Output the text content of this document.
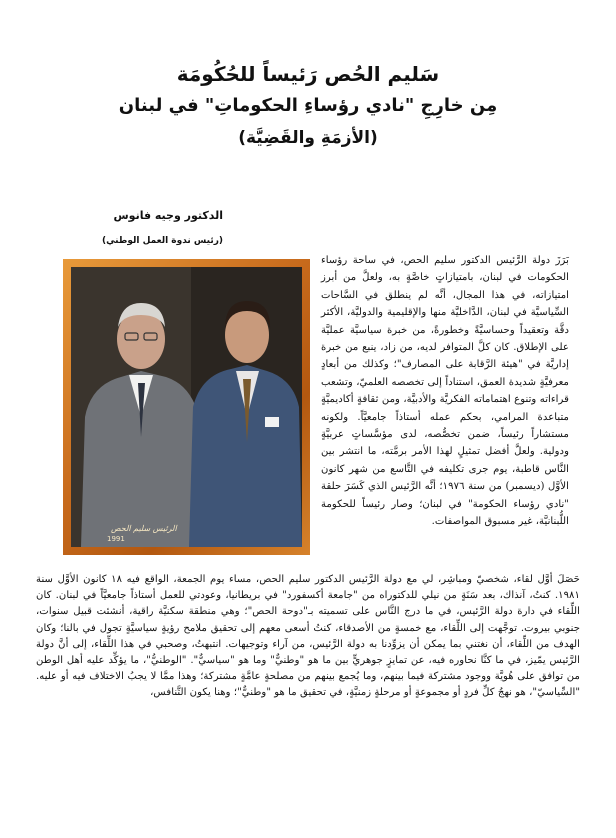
سَليم الحُص رَئيساً للحُكُومَة
مِن خارِجِ "نادي رؤساءِ الحكوماتِ" في لبنان
(الأزمَةِ والقَضِيَّة)
الدكتور وجيه فانوس
(رئيس ندوة العمل الوطني)
الرئيس سليم الحص
1991

بَرَزَ دولة الرَّئيس الدكتور سليم الحص، في ساحة رؤساء الحكومات في لبنان، بامتيازاتٍ خاصَّةٍ به، ولعلَّ من أبرز امتيازاته، في هذا المجال، أنَّه لم ينطلق في السَّاحات السِّياسيَّة في لبنان، الدَّاخليَّة منها والإقليمية والدوليَّة، الأكثر دقَّة وتعقيداً وحساسيَّةً وخطورةً، من خبرة سياسيَّة عمليَّة على الإطلاق. كان كلَّ المتوافر لديه، من زاد، ينبع من خبرة إداريَّة في "هيئة الرَّقابة على المصارف"؛ وكذلك من أبعادٍ معرفيَّةٍ شديدة العمق، استناداً إلى تخصصه العلميّ، وتشعب قراءاته وتنوع اهتماماته الفكريَّة والأدبيَّة، ومن ثقافةٍ أكاديميَّةٍ متباعدة المرامي، بحكم عمله أستاذاً جامعيَّاً. ولكونه مستشاراً رئيساً، ضمن تخصُّصه، لدى مؤسَّساتٍ عربيَّةٍ ودولية. ولعلَّ أفضل تمثيلٍ لهذا الأمر برمَّته، ما انتشر بين النَّاس قاطبة، يوم جرى تكليفه في التَّاسع من شهر كانون الأوَّل (ديسمبر) من سنة ١٩٧٦؛ أنَّه الرَّئيس الذي كَسَرَ حلقة "نادي رؤساء الحكومة" في لبنان؛ وصار رئيساً للحكومة اللُّبنانيَّة، غير مسبوق المواصفات.

حَصَلَ أوَّل لقاء، شخصيّ ومباشِر، لي مع دولة الرَّئيس الدكتور سليم الحص، مساء يوم الجمعة، الواقع فيه ١٨ كانون الأوَّل سنة ١٩٨١. كنتُ، آنذاك، بعد سَنَةٍ من نيلي للدكتوراه من "جامعة أكسفورد" في بريطانيا، وعودتي للعمل أستاذاً جامعيَّاً في لبنان. كان اللِّقاء في دارة دولة الرَّئيس، في ما درج النَّاس على تسميته بـ"دوحة الحص"؛ وهي منطقة سكنيَّة راقية، أنشئت قبيل سنوات، جنوبي بيروت. توجَّهت إلى اللِّقاء، مع خمسةٍ من الأصدقاء، كنتُ أسعى معهم إلى تحقيق ملامح رؤيةٍ سياسيَّةٍ تجول في بالنا؛ وكان الهدف من اللِّقاء، أن نغتني بما يمكن أن يزوِّدنا به دولة الرَّئيس، من آراء وتوجيهات. انتبهتُ، وصحبي في هذا اللِّقاء، إلى أنَّ دولة الرَّئيس يمّيز، في ما كنَّا نحاوره فيه، عن تمايزٍ جوهريٍّ بين ما هو "وطنيٌّ" وما هو "سياسيٌّ". "الوطنيُّ"، ما يؤكِّد عليه أهل الوطن من توافق على هُويَّة ووجود مشتركة فيما بينهم، وما يُجمع بينهم من مصلحةٍ عامَّةٍ مشتركة؛ وهذا ممَّا لا يجبُ الاختلاف فيه أو عليه. "السِّياسيّ"، هو نهجُ كلِّ فردٍ أو مجموعةٍ أو مرحلةٍ زمنيَّةٍ، في تحقيق ما هو "وطنيٌّ"؛ وهنا يكون التَّنافس،
